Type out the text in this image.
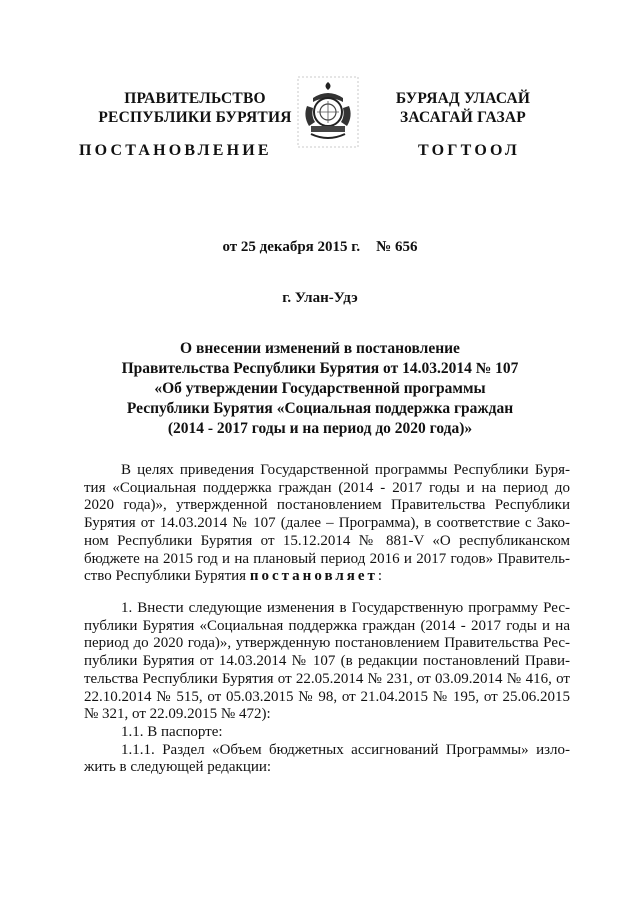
ПРАВИТЕЛЬСТВО
РЕСПУБЛИКИ БУРЯТИЯ
БУРЯАД УЛАСАЙ
ЗАСАГАЙ ГАЗАР
ПОСТАНОВЛЕНИЕ	ТОГТООЛ
от 25 декабря 2015 г. № 656
г. Улан-Удэ
О внесении изменений в постановление
Правительства Республики Бурятия от 14.03.2014 № 107
«Об утверждении Государственной программы
Республики Бурятия «Социальная поддержка граждан
(2014 - 2017 годы и на период до 2020 года)»
В целях приведения Государственной программы Республики Буря-
тия «Социальная поддержка граждан (2014 - 2017 годы и на период до
2020 года)», утвержденной постановлением Правительства Республики
Бурятия от 14.03.2014 № 107 (далее – Программа), в соответствие с Зако-
ном Республики Бурятия от 15.12.2014 № 881-V «О республиканском
бюджете на 2015 год и на плановый период 2016 и 2017 годов» Правитель-
ство Республики Бурятия постановляет:
1. Внести следующие изменения в Государственную программу Рес-
публики Бурятия «Социальная поддержка граждан (2014 - 2017 годы и на
период до 2020 года)», утвержденную постановлением Правительства Рес-
публики Бурятия от 14.03.2014 № 107 (в редакции постановлений Прави-
тельства Республики Бурятия от 22.05.2014 № 231, от 03.09.2014 № 416, от
22.10.2014 № 515, от 05.03.2015 № 98, от 21.04.2015 № 195, от 25.06.2015
№ 321, от 22.09.2015 № 472):
1.1. В паспорте:
1.1.1. Раздел «Объем бюджетных ассигнований Программы» изло-
жить в следующей редакции:
